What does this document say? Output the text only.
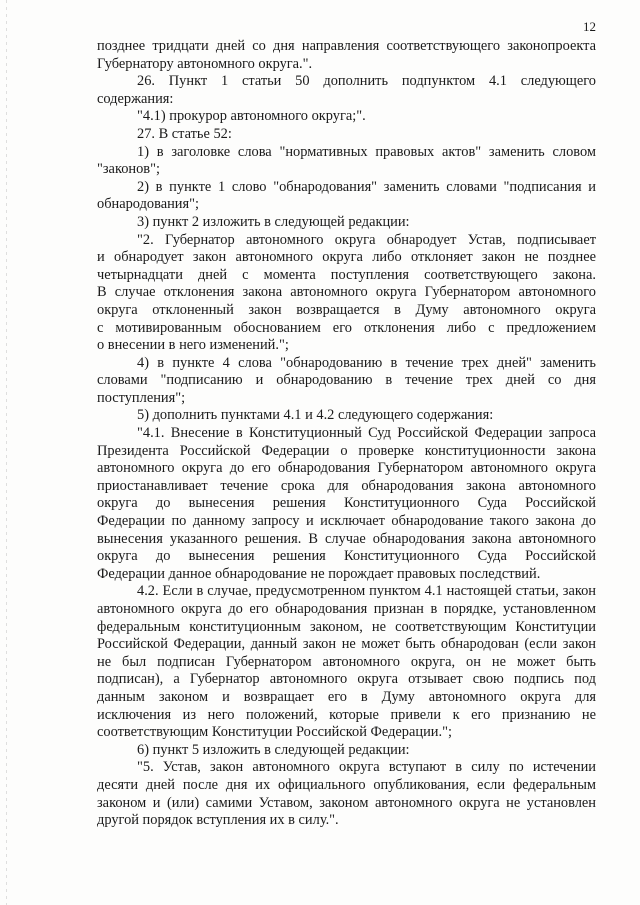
12
позднее тридцати дней со дня направления соответствующего законопроекта
Губернатору автономного округа.".
26. Пункт 1 статьи 50 дополнить подпунктом 4.1 следующего
содержания:
"4.1) прокурор автономного округа;".
27. В статье 52:
1) в заголовке слова "нормативных правовых актов" заменить словом
"законов";
2) в пункте 1 слово "обнародования" заменить словами "подписания и
обнародования";
3) пункт 2 изложить в следующей редакции:
"2. Губернатор автономного округа обнародует Устав, подписывает
и обнародует закон автономного округа либо отклоняет закон не позднее
четырнадцати дней с момента поступления соответствующего закона.
В случае отклонения закона автономного округа Губернатором автономного
округа отклоненный закон возвращается в Думу автономного округа
с мотивированным обоснованием его отклонения либо с предложением
о внесении в него изменений.";
4) в пункте 4 слова "обнародованию в течение трех дней" заменить
словами "подписанию и обнародованию в течение трех дней со дня
поступления";
5) дополнить пунктами 4.1 и 4.2 следующего содержания:
"4.1. Внесение в Конституционный Суд Российской Федерации запроса
Президента Российской Федерации о проверке конституционности закона
автономного округа до его обнародования Губернатором автономного округа
приостанавливает течение срока для обнародования закона автономного
округа до вынесения решения Конституционного Суда Российской
Федерации по данному запросу и исключает обнародование такого закона до
вынесения указанного решения. В случае обнародования закона автономного
округа до вынесения решения Конституционного Суда Российской
Федерации данное обнародование не порождает правовых последствий.
4.2. Если в случае, предусмотренном пунктом 4.1 настоящей статьи, закон
автономного округа до его обнародования признан в порядке, установленном
федеральным конституционным законом, не соответствующим Конституции
Российской Федерации, данный закон не может быть обнародован (если закон
не был подписан Губернатором автономного округа, он не может быть
подписан), а Губернатор автономного округа отзывает свою подпись под
данным законом и возвращает его в Думу автономного округа для
исключения из него положений, которые привели к его признанию не
соответствующим Конституции Российской Федерации.";
6) пункт 5 изложить в следующей редакции:
"5. Устав, закон автономного округа вступают в силу по истечении
десяти дней после дня их официального опубликования, если федеральным
законом и (или) самими Уставом, законом автономного округа не установлен
другой порядок вступления их в силу.".
